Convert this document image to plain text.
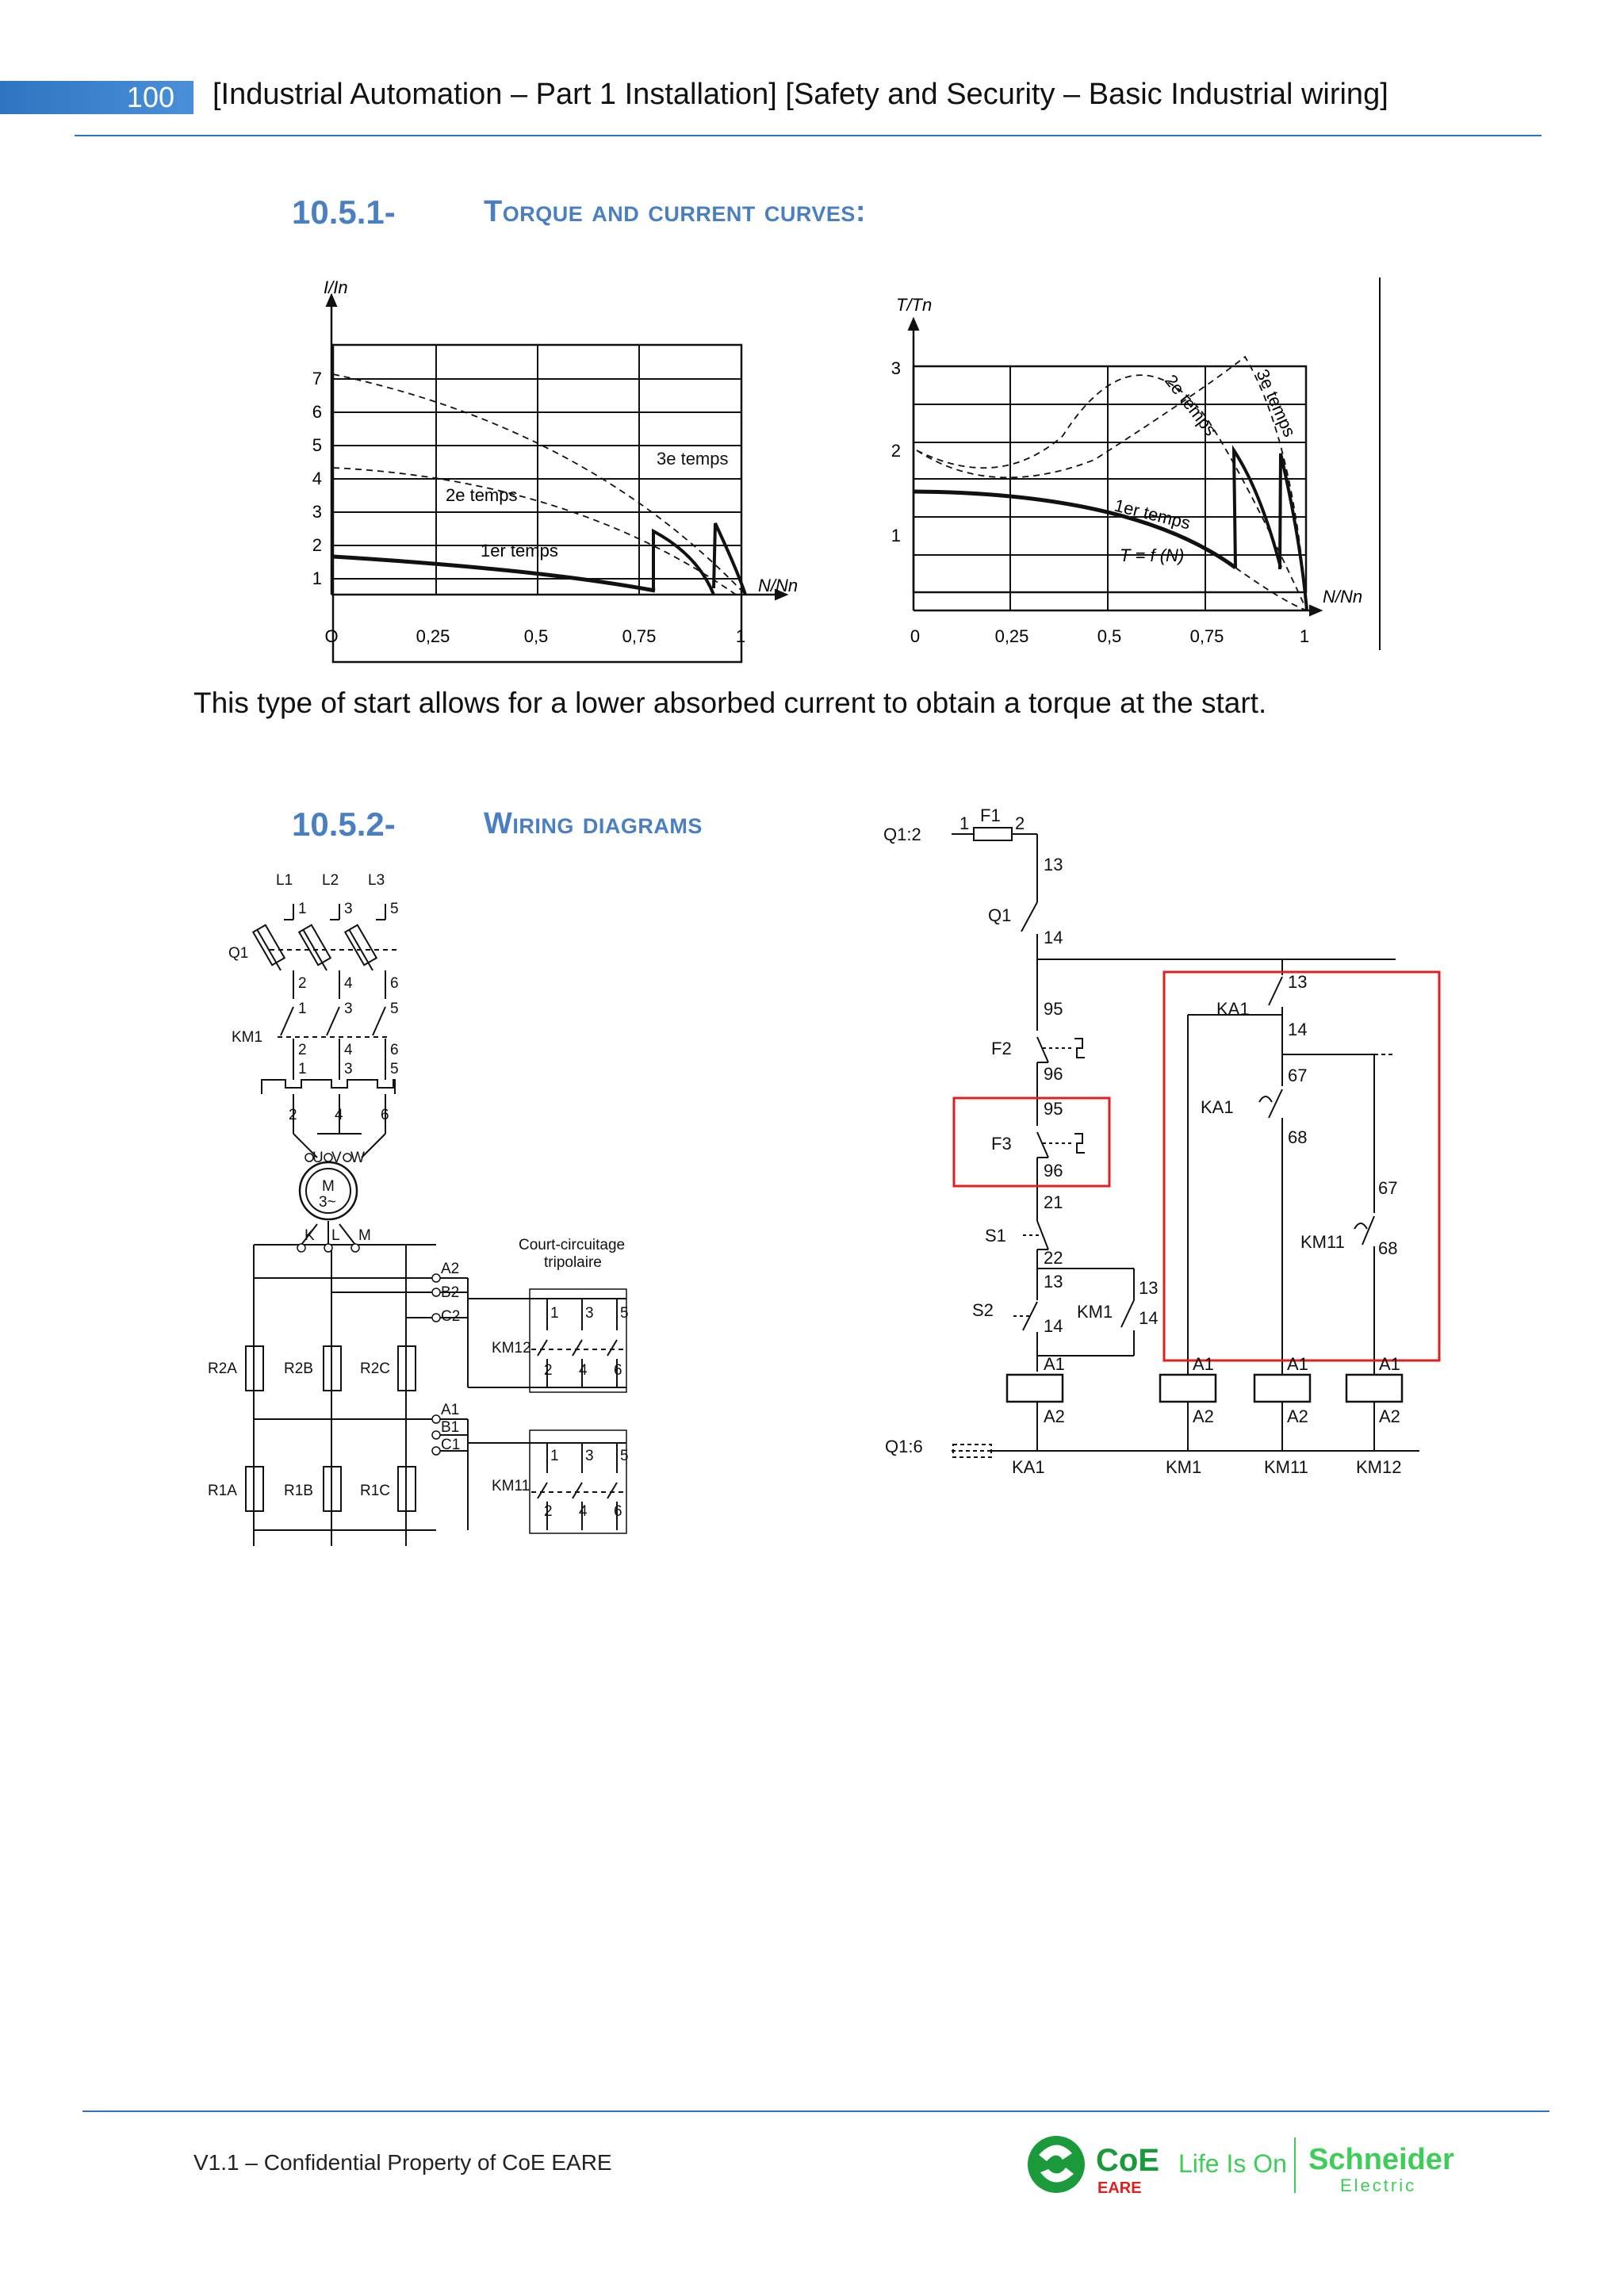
100	[Industrial Automation – Part 1 Installation] [Safety and Security – Basic Industrial wiring]
10.5.1-	Torque and current curves:
I/In
N/Nn
1
2
3
4
5
6
7
O	0,25	0,5	0,75	1
3e temps
2e temps
1er temps
T/Tn
N/Nn
1
2
3
0	0,25	0,5	0,75	1
2e temps 3e temps
1er temps
T = f (N)
This type of start allows for a lower absorbed current to obtain a torque at the start.
10.5.2-	Wiring diagrams
L1 L2 L3
1 3 5
Q1
2 4 6
1 3 5
KM1
2 4 6
1 3 5
2 4 6
U V W
M
3~
K L M
Court-circuitage
tripolaire
A2
B2
C2
KM12
1 3 5
2 4 6
R2A	R2B	R2C
A1
B1
C1
KM11
1 3 5
2 4 6
R1A	R1B	R1C
Q1:2
F1
1	2
13
Q1
14
95
F2
96
95
F3
96
21
S1
22
13
S2
14
KM1
13
14
13
KA1
14
67
KA1
68
67
KM11 68
A1
A2
A1
A2
A1
A2
A1
A2
Q1:6
KA1	KM1	KM11	KM12
V1.1 – Confidential Property of CoE EARE	CoE
EARE
Life Is On Schneider
Electric
